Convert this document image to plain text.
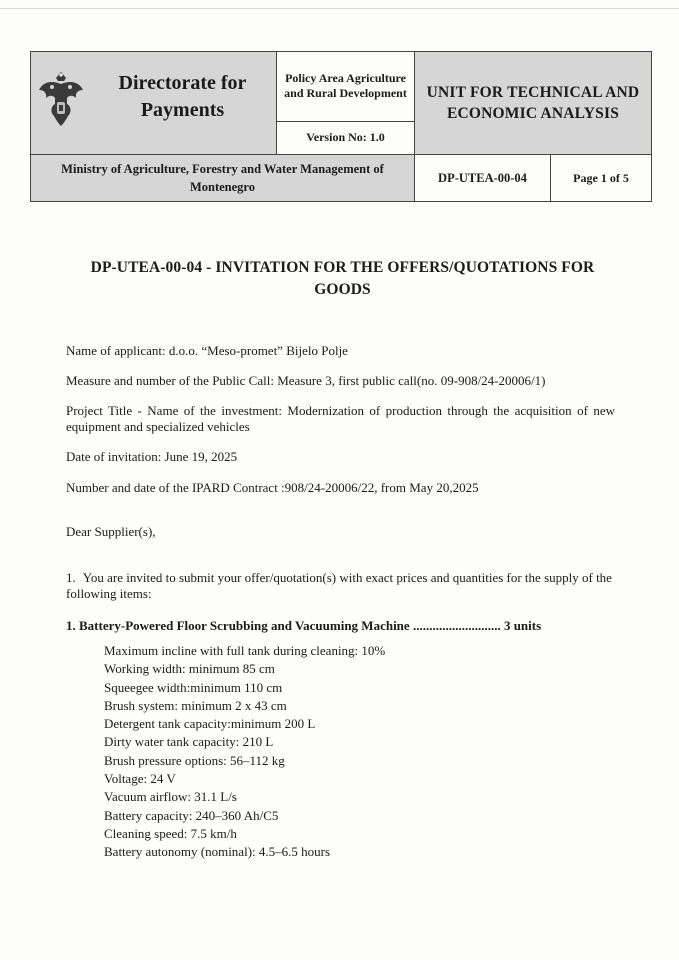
Directorate for Payments	Policy Area Agriculture and Rural Development	UNIT FOR TECHNICAL AND ECONOMIC ANALYSIS	
	Version No: 1.0		
Ministry of Agriculture, Forestry and Water Management of Montenegro		DP-UTEA-00-04	Page 1 of 5
DP-UTEA-00-04 - INVITATION FOR THE OFFERS/QUOTATIONS FOR GOODS
Name of applicant: d.o.o. “Meso-promet” Bijelo Polje
Measure and number of the Public Call: Measure 3, first public call(no. 09-908/24-20006/1)
Project Title - Name of the investment: Modernization of production through the acquisition of new equipment and specialized vehicles
Date of invitation: June 19, 2025
Number and date of the IPARD Contract :908/24-20006/22, from May 20,2025
Dear Supplier(s),
1. You are invited to submit your offer/quotation(s) with exact prices and quantities for the supply of the following items:
1. Battery-Powered Floor Scrubbing and Vacuuming Machine ........................... 3 units
Maximum incline with full tank during cleaning: 10%
Working width: minimum 85 cm
Squeegee width:minimum 110 cm
Brush system: minimum 2 x 43 cm
Detergent tank capacity:minimum 200 L
Dirty water tank capacity: 210 L
Brush pressure options: 56–112 kg
Voltage: 24 V
Vacuum airflow: 31.1 L/s
Battery capacity: 240–360 Ah/C5
Cleaning speed: 7.5 km/h
Battery autonomy (nominal): 4.5–6.5 hours
